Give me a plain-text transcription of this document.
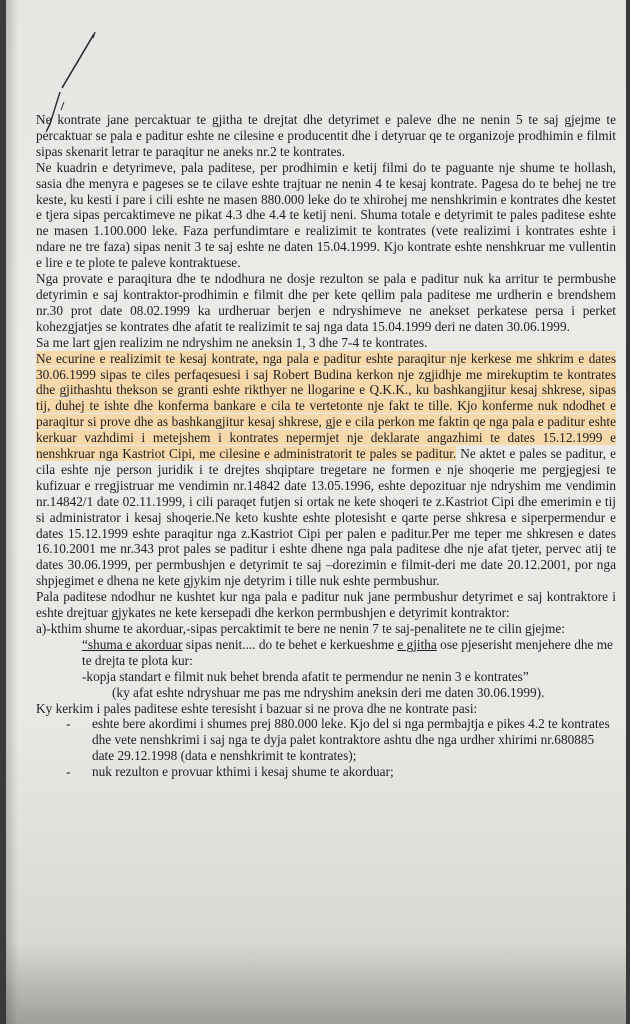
Ne kontrate jane percaktuar te gjitha te drejtat dhe detyrimet e paleve dhe ne nenin 5 te saj gjejme te percaktuar se pala e paditur eshte ne cilesine e producentit dhe i detyruar qe te organizoje prodhimin e filmit sipas skenarit letrar te paraqitur ne aneks nr.2 te kontrates.

Ne kuadrin e detyrimeve, pala paditese, per prodhimin e ketij filmi do te paguante nje shume te hollash, sasia dhe menyra e pageses se te cilave eshte trajtuar ne nenin 4 te kesaj kontrate. Pagesa do te behej ne tre keste, ku kesti i pare i cili eshte ne masen 880.000 leke do te xhirohej me nenshkrimin e kontrates dhe kestet e tjera sipas percaktimeve ne pikat 4.3 dhe 4.4 te ketij neni. Shuma totale e detyrimit te pales paditese eshte ne masen 1.100.000 leke. Faza perfundimtare e realizimit te kontrates (vete realizimi i kontrates eshte i ndare ne tre faza) sipas nenit 3 te saj eshte ne daten 15.04.1999. Kjo kontrate eshte nenshkruar me vullentin e lire e te plote te paleve kontraktuese.

Nga provate e paraqitura dhe te ndodhura ne dosje rezulton se pala e paditur nuk ka arritur te permbushe detyrimin e saj kontraktor-prodhimin e filmit dhe per kete qellim pala paditese me urdherin e brendshem nr.30 prot date 08.02.1999 ka urdheruar berjen e ndryshimeve ne anekset perkatese persa i perket kohezgjatjes se kontrates dhe afatit te realizimit te saj nga data 15.04.1999 deri ne daten 30.06.1999.

Sa me lart gjen realizim ne ndryshim ne aneksin 1, 3 dhe 7-4 te kontrates.

Ne ecurine e realizimit te kesaj kontrate, nga pala e paditur eshte paraqitur nje kerkese me shkrim e dates 30.06.1999 sipas te ciles perfaqesuesi i saj Robert Budina kerkon nje zgjidhje me mirekuptim te kontrates dhe gjithashtu thekson se granti eshte rikthyer ne llogarine e Q.K.K., ku bashkangjitur kesaj shkrese, sipas tij, duhej te ishte dhe konferma bankare e cila te vertetonte nje fakt te tille. Kjo konferme nuk ndodhet e paraqitur si prove dhe as bashkangjitur kesaj shkrese, gje e cila perkon me faktin qe nga pala e paditur eshte kerkuar vazhdimi i metejshem i kontrates nepermjet nje deklarate angazhimi te dates 15.12.1999 e nenshkruar nga Kastriot Cipi, me cilesine e administratorit te pales se paditur. Ne aktet e pales se paditur, e cila eshte nje person juridik i te drejtes shqiptare tregetare ne formen e nje shoqerie me pergjegjesi te kufizuar e rregjistruar me vendimin nr.14842 date 13.05.1996, eshte depozituar nje ndryshim me vendimin nr.14842/1 date 02.11.1999, i cili paraqet futjen si ortak ne kete shoqeri te z.Kastriot Cipi dhe emerimin e tij si administrator i kesaj shoqerie.Ne keto kushte eshte plotesisht e qarte perse shkresa e siperpermendur e dates 15.12.1999 eshte paraqitur nga z.Kastriot Cipi per palen e paditur.Per me teper me shkresen e dates 16.10.2001 me nr.343 prot pales se paditur i eshte dhene nga pala paditese dhe nje afat tjeter, pervec atij te dates 30.06.1999, per permbushjen e detyrimit te saj –dorezimin e filmit-deri me date 20.12.2001, por nga shpjegimet e dhena ne kete gjykim nje detyrim i tille nuk eshte permbushur.

Pala paditese ndodhur ne kushtet kur nga pala e paditur nuk jane permbushur detyrimet e saj kontraktore i eshte drejtuar gjykates ne kete kersepadi dhe kerkon permbushjen e detyrimit kontraktor:

a)-kthim shume te akorduar,-sipas percaktimit te bere ne nenin 7 te saj-penalitete ne te cilin gjejme:

“shuma e akorduar sipas nenit.... do te behet e kerkueshme e gjitha ose pjeserisht menjehere dhe me te drejta te plota kur:

-kopja standart e filmit nuk behet brenda afatit te permendur ne nenin 3 e kontrates”

(ky afat eshte ndryshuar me pas me ndryshim aneksin deri me daten 30.06.1999).

Ky kerkim i pales paditese eshte teresisht i bazuar si ne prova dhe ne kontrate pasi:

-	eshte bere akordimi i shumes prej 880.000 leke. Kjo del si nga permbajtja e pikes 4.2 te kontrates dhe vete nenshkrimi i saj nga te dyja palet kontraktore ashtu dhe nga urdher xhirimi nr.680885 date 29.12.1998 (data e nenshkrimit te kontrates);
-	nuk rezulton e provuar kthimi i kesaj shume te akorduar;
